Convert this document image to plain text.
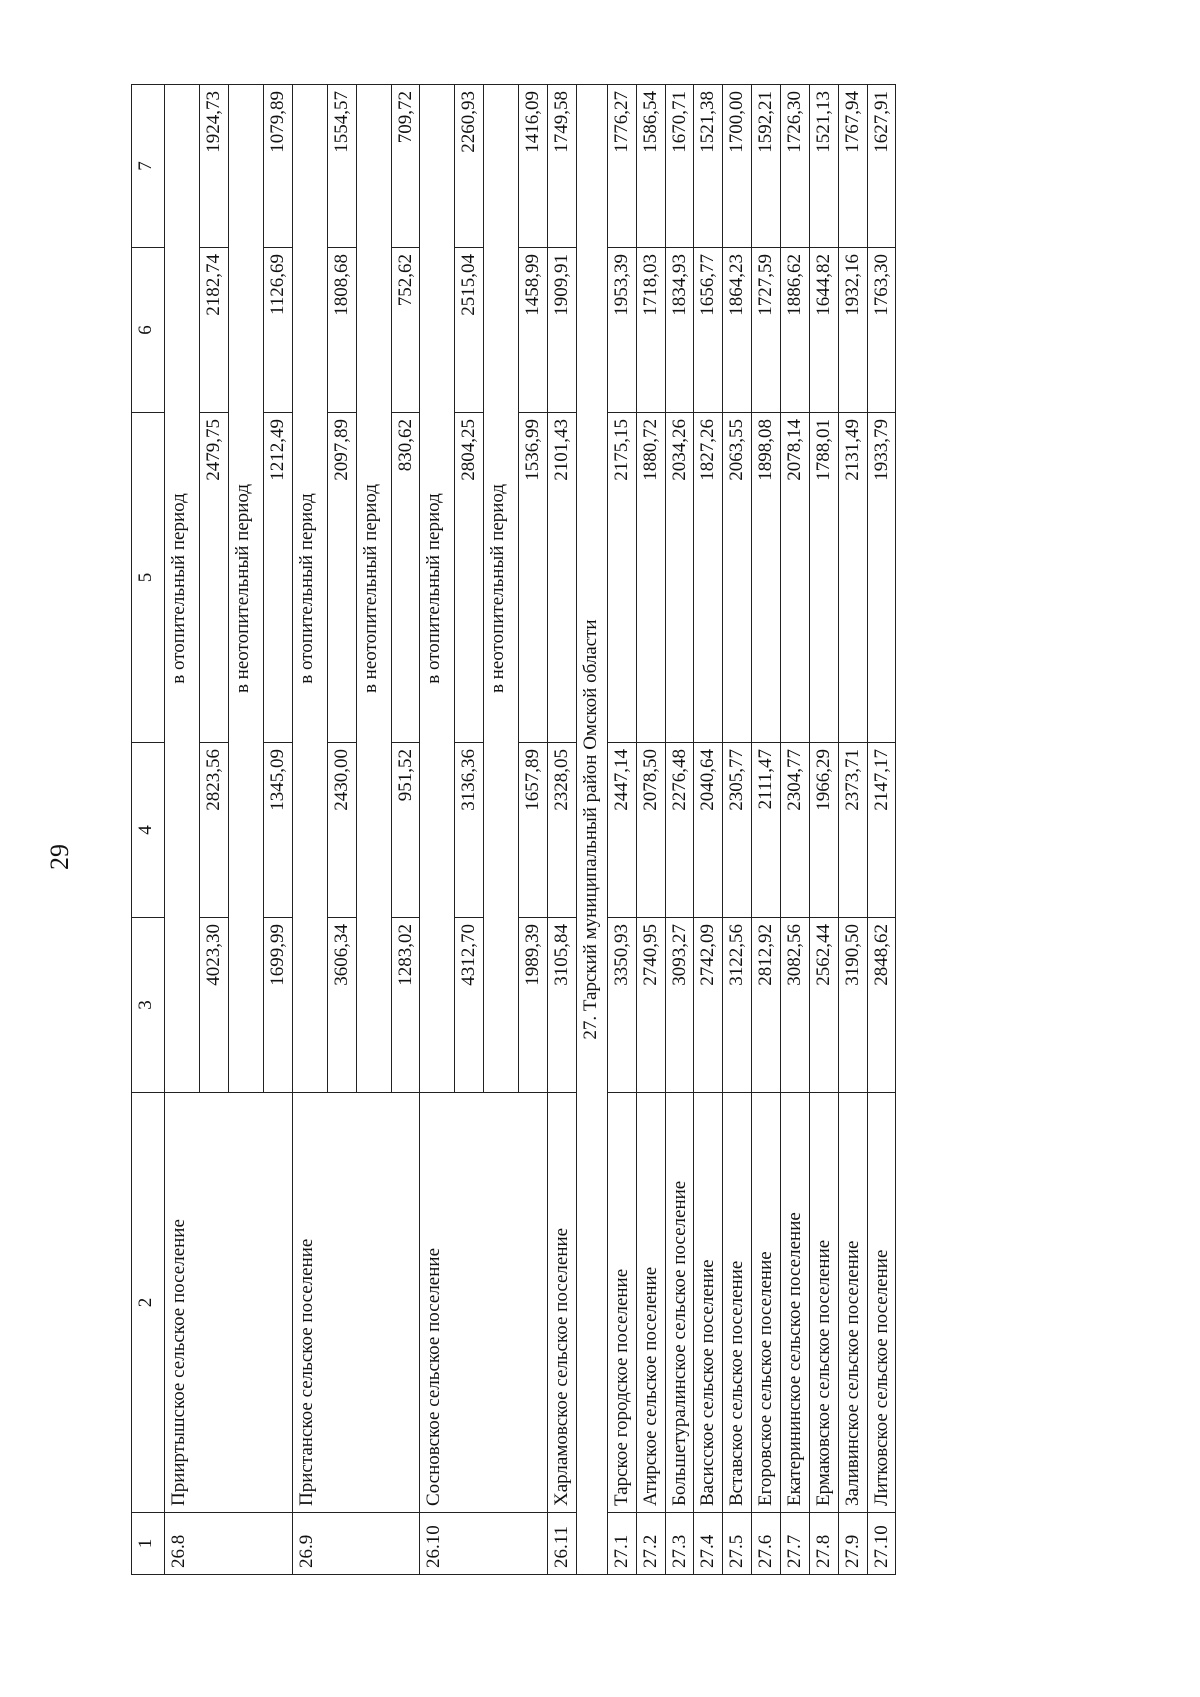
29
1	2	3	4	5	6	7
26.8	Прииртышское сельское поселение	в отопительный период				
		4023,30	2823,56	2479,75	2182,74	1924,73
		в неотопительный период				
		1699,99	1345,09	1212,49	1126,69	1079,89
26.9	Пристанское сельское поселение	в отопительный период				
		3606,34	2430,00	2097,89	1808,68	1554,57
		в неотопительный период				
		1283,02	951,52	830,62	752,62	709,72
26.10	Сосновское сельское поселение	в отопительный период				
		4312,70	3136,36	2804,25	2515,04	2260,93
		в неотопительный период				
		1989,39	1657,89	1536,99	1458,99	1416,09
26.11	Харламовское сельское поселение	3105,84	2328,05	2101,43	1909,91	1749,58
27. Тарский муниципальный район Омской области						
27.1	Тарское городское поселение	3350,93	2447,14	2175,15	1953,39	1776,27
27.2	Атирское сельское поселение	2740,95	2078,50	1880,72	1718,03	1586,54
27.3	Большетуралинское сельское поселение	3093,27	2276,48	2034,26	1834,93	1670,71
27.4	Васисское сельское поселение	2742,09	2040,64	1827,26	1656,77	1521,38
27.5	Вставское сельское поселение	3122,56	2305,77	2063,55	1864,23	1700,00
27.6	Егоровское сельское поселение	2812,92	2111,47	1898,08	1727,59	1592,21
27.7	Екатерининское сельское поселение	3082,56	2304,77	2078,14	1886,62	1726,30
27.8	Ермаковское сельское поселение	2562,44	1966,29	1788,01	1644,82	1521,13
27.9	Заливинское сельское поселение	3190,50	2373,71	2131,49	1932,16	1767,94
27.10	Литковское сельское поселение	2848,62	2147,17	1933,79	1763,30	1627,91
